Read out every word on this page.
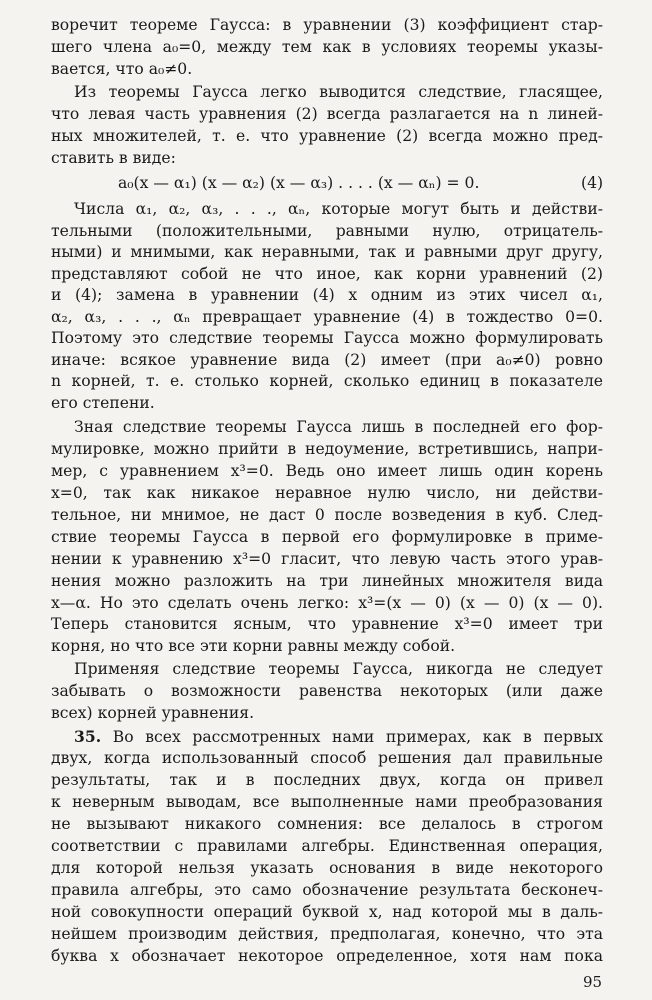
воречит теореме Гаусса: в уравнении (3) коэффициент стар-
шего члена a₀=0, между тем как в условиях теоремы указы-
вается, что a₀≠0.
Из теоремы Гаусса легко выводится следствие, гласящее,
что левая часть уравнения (2) всегда разлагается на n линей-
ных множителей, т. е. что уравнение (2) всегда можно пред-
ставить в виде:
a₀(x — α₁) (x — α₂) (x — α₃) . . . . (x — αₙ) = 0.	(4)
Числа α₁, α₂, α₃, . . ., αₙ, которые могут быть и действи-
тельными (положительными, равными нулю, отрицатель-
ными) и мнимыми, как неравными, так и равными друг другу,
представляют собой не что иное, как корни уравнений (2)
и (4); замена в уравнении (4) x одним из этих чисел α₁,
α₂, α₃, . . ., αₙ превращает уравнение (4) в тождество 0=0.
Поэтому это следствие теоремы Гаусса можно формулировать
иначе: всякое уравнение вида (2) имеет (при a₀≠0) ровно
n корней, т. е. столько корней, сколько единиц в показателе
его степени.
Зная следствие теоремы Гаусса лишь в последней его фор-
мулировке, можно прийти в недоумение, встретившись, напри-
мер, с уравнением x³=0. Ведь оно имеет лишь один корень
x=0, так как никакое неравное нулю число, ни действи-
тельное, ни мнимое, не даст 0 после возведения в куб. След-
ствие теоремы Гаусса в первой его формулировке в приме-
нении к уравнению x³=0 гласит, что левую часть этого урав-
нения можно разложить на три линейных множителя вида
x—α. Но это сделать очень легко: x³=(x — 0) (x — 0) (x — 0).
Теперь становится ясным, что уравнение x³=0 имеет три
корня, но что все эти корни равны между собой.
Применяя следствие теоремы Гаусса, никогда не следует
забывать о возможности равенства некоторых (или даже
всех) корней уравнения.
35. Во всех рассмотренных нами примерах, как в первых
двух, когда использованный способ решения дал правильные
результаты, так и в последних двух, когда он привел
к неверным выводам, все выполненные нами преобразования
не вызывают никакого сомнения: все делалось в строгом
соответствии с правилами алгебры. Единственная операция,
для которой нельзя указать основания в виде некоторого
правила алгебры, это само обозначение результата бесконеч-
ной совокупности операций буквой x, над которой мы в даль-
нейшем производим действия, предполагая, конечно, что эта
буква x обозначает некоторое определенное, хотя нам пока
95
